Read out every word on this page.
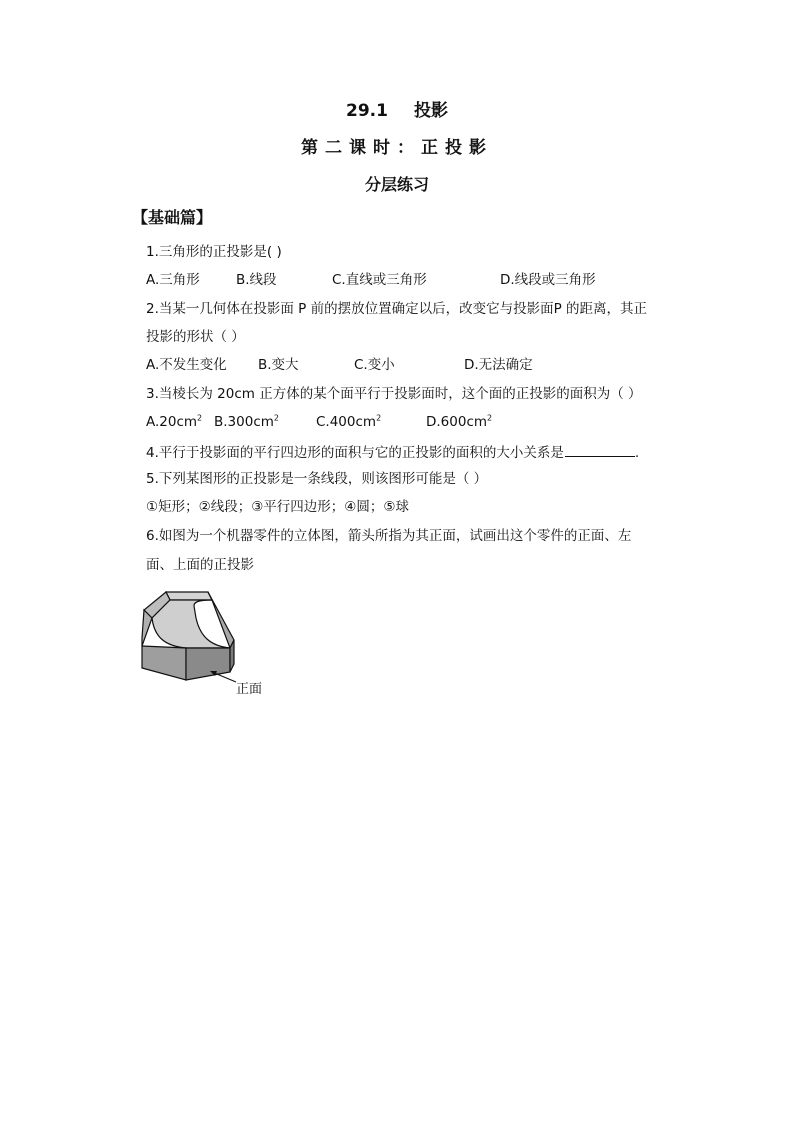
29.1 投影
第二课时：正投影
分层练习
【基础篇】
1.三角形的正投影是( )
A.三角形	B.线段	C.直线或三角形	D.线段或三角形
2.当某一几何体在投影面 P 前的摆放位置确定以后，改变它与投影面P 的距离，其正
投影的形状（ ）
A.不发生变化 B.变大	C.变小	D.无法确定
3.当棱长为 20cm 正方体的某个面平行于投影面时，这个面的正投影的面积为（ ）
$A.20cm^2$ $B.300cm^2$	$C.400cm^2$	$D.600cm^2$
4.平行于投影面的平行四边形的面积与它的正投影的面积的大小关系是	.
5.下列某图形的正投影是一条线段，则该图形可能是（ ）
①矩形；②线段；③平行四边形；④圆；⑤球
6.如图为一个机器零件的立体图，箭头所指为其正面，试画出这个零件的正面、左
面、上面的正投影
正面
